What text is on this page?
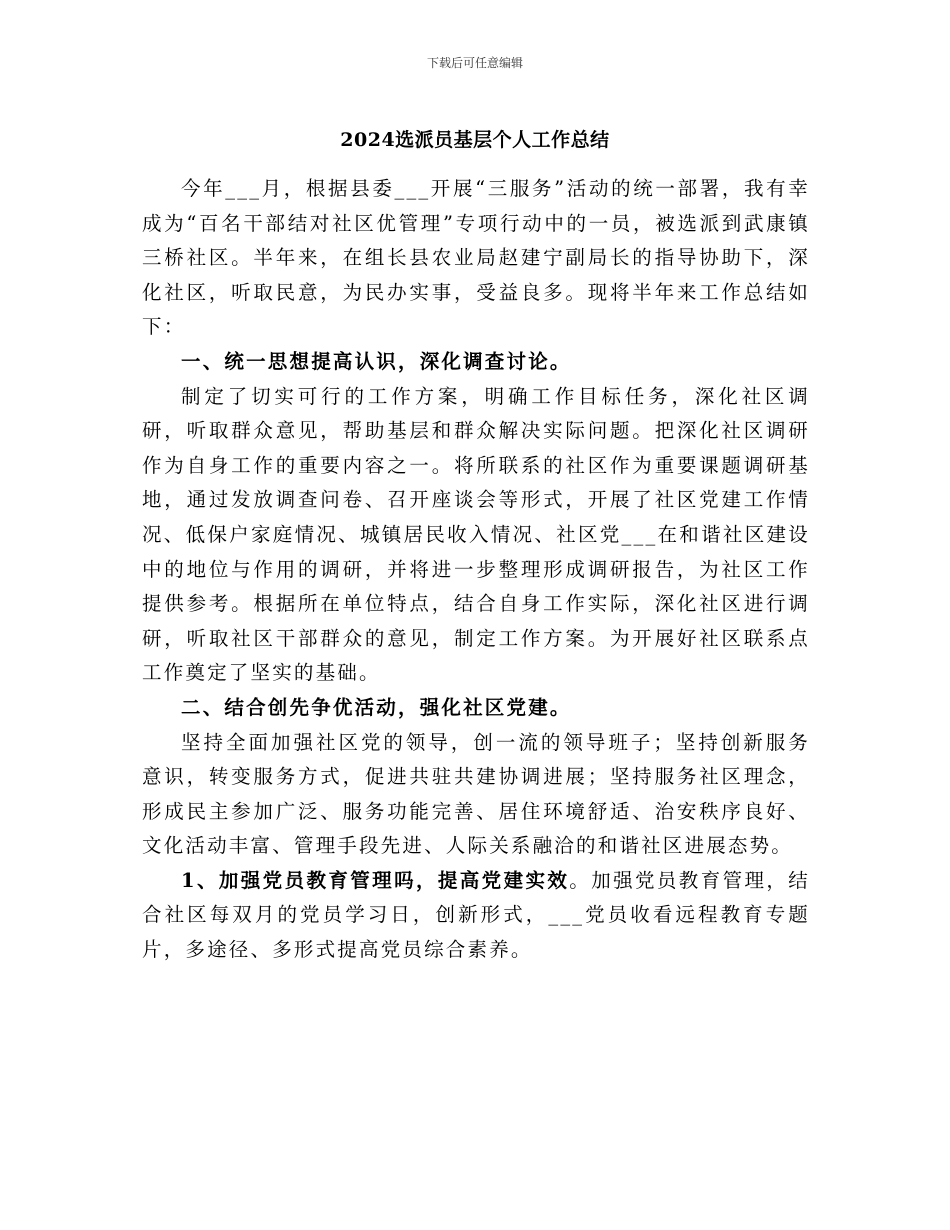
下载后可任意编辑
2024选派员基层个人工作总结

今年___月，根据县委___开展“三服务”活动的统一部署，我有幸成为“百名干部结对社区优管理”专项行动中的一员，被选派到武康镇三桥社区。半年来，在组长县农业局赵建宁副局长的指导协助下，深化社区，听取民意，为民办实事，受益良多。现将半年来工作总结如下：

一、统一思想提高认识，深化调查讨论。

制定了切实可行的工作方案，明确工作目标任务，深化社区调研，听取群众意见，帮助基层和群众解决实际问题。把深化社区调研作为自身工作的重要内容之一。将所联系的社区作为重要课题调研基地，通过发放调查问卷、召开座谈会等形式，开展了社区党建工作情况、低保户家庭情况、城镇居民收入情况、社区党___在和谐社区建设中的地位与作用的调研，并将进一步整理形成调研报告，为社区工作提供参考。根据所在单位特点，结合自身工作实际，深化社区进行调研，听取社区干部群众的意见，制定工作方案。为开展好社区联系点工作奠定了坚实的基础。

二、结合创先争优活动，强化社区党建。

坚持全面加强社区党的领导，创一流的领导班子；坚持创新服务意识，转变服务方式，促进共驻共建协调进展；坚持服务社区理念，形成民主参加广泛、服务功能完善、居住环境舒适、治安秩序良好、文化活动丰富、管理手段先进、人际关系融洽的和谐社区进展态势。

1、加强党员教育管理吗，提高党建实效。加强党员教育管理，结合社区每双月的党员学习日，创新形式，___党员收看远程教育专题片，多途径、多形式提高党员综合素养。
